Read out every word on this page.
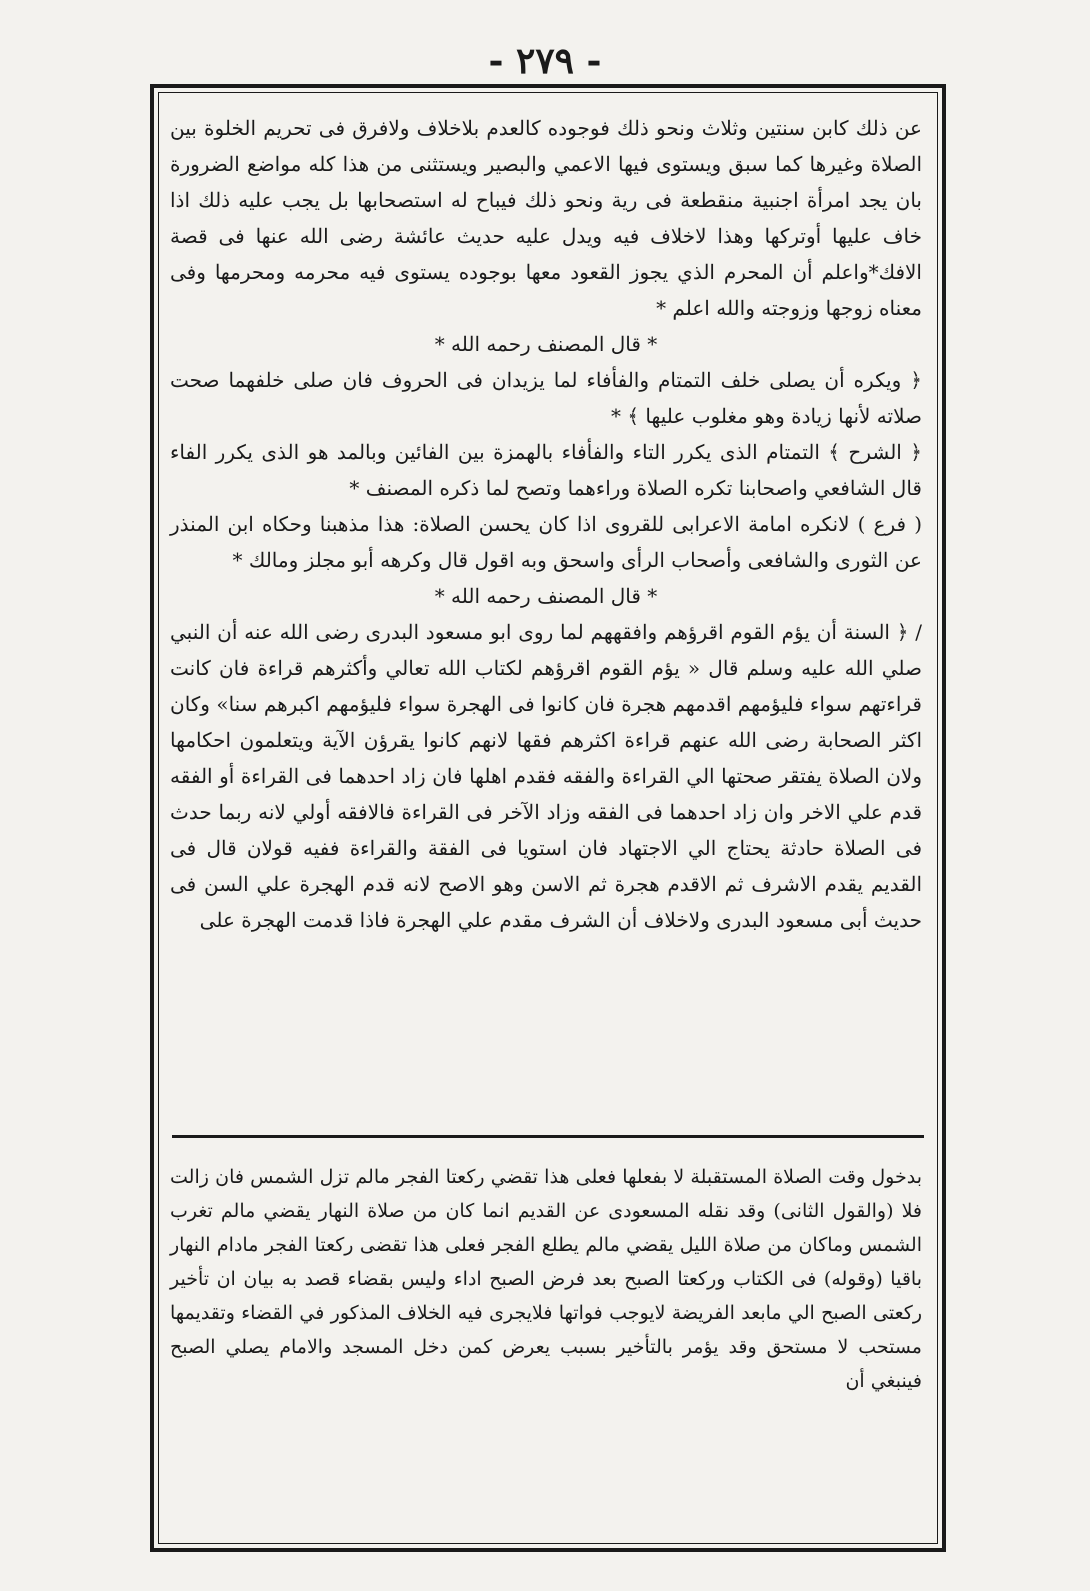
- ٢٧٩ -

عن ذلك كابن سنتين وثلاث ونحو ذلك فوجوده كالعدم بلاخلاف ولافرق فى تحريم الخلوة بين الصلاة وغيرها كما سبق ويستوى فيها الاعمي والبصير ويستثنى من هذا كله مواضع الضرورة بان يجد امرأة اجنبية منقطعة فى رية ونحو ذلك فيباح له استصحابها بل يجب عليه ذلك اذا خاف عليها أوتركها وهذا لاخلاف فيه ويدل عليه حديث عائشة رضى الله عنها فى قصة الافك*واعلم أن المحرم الذي يجوز القعود معها بوجوده يستوى فيه محرمه ومحرمها وفى معناه زوجها وزوجته والله اعلم *

* قال المصنف رحمه الله *

﴿ ويكره أن يصلى خلف التمتام والفأفاء لما يزيدان فى الحروف فان صلى خلفهما صحت صلاته لأنها زيادة وهو مغلوب عليها ﴾ *

﴿ الشرح ﴾ التمتام الذى يكرر التاء والفأفاء بالهمزة بين الفائين وبالمد هو الذى يكرر الفاء قال الشافعي واصحابنا تكره الصلاة وراءهما وتصح لما ذكره المصنف *

( فرع ) لانكره امامة الاعرابى للقروى اذا كان يحسن الصلاة: هذا مذهبنا وحكاه ابن المنذر عن الثورى والشافعى وأصحاب الرأى واسحق وبه اقول قال وكرهه أبو مجلز ومالك *

* قال المصنف رحمه الله *

/ ﴿ السنة أن يؤم القوم اقرؤهم وافقههم لما روى ابو مسعود البدرى رضى الله عنه أن النبي صلي الله عليه وسلم قال « يؤم القوم اقرؤهم لكتاب الله تعالي وأكثرهم قراءة فان كانت قراءتهم سواء فليؤمهم اقدمهم هجرة فان كانوا فى الهجرة سواء فليؤمهم اكبرهم سنا» وكان اكثر الصحابة رضى الله عنهم قراءة اكثرهم فقها لانهم كانوا يقرؤن الآية ويتعلمون احكامها ولان الصلاة يفتقر صحتها الي القراءة والفقه فقدم اهلها فان زاد احدهما فى القراءة أو الفقه قدم علي الاخر وان زاد احدهما فى الفقه وزاد الآخر فى القراءة فالافقه أولي لانه ربما حدث فى الصلاة حادثة يحتاج الي الاجتهاد فان استويا فى الفقة والقراءة ففيه قولان قال فى القديم يقدم الاشرف ثم الاقدم هجرة ثم الاسن وهو الاصح لانه قدم الهجرة علي السن فى حديث أبى مسعود البدرى ولاخلاف أن الشرف مقدم علي الهجرة فاذا قدمت الهجرة على

بدخول وقت الصلاة المستقبلة لا بفعلها فعلى هذا تقضي ركعتا الفجر مالم تزل الشمس فان زالت فلا (والقول الثانى) وقد نقله المسعودى عن القديم انما كان من صلاة النهار يقضي مالم تغرب الشمس وماكان من صلاة الليل يقضي مالم يطلع الفجر فعلى هذا تقضى ركعتا الفجر مادام النهار باقيا (وقوله) فى الكتاب وركعتا الصبح بعد فرض الصبح اداء وليس بقضاء قصد به بيان ان تأخير ركعتى الصبح الي مابعد الفريضة لايوجب فواتها فلايجرى فيه الخلاف المذكور في القضاء وتقديمها مستحب لا مستحق وقد يؤمر بالتأخير بسبب يعرض كمن دخل المسجد والامام يصلي الصبح فينبغي أن
